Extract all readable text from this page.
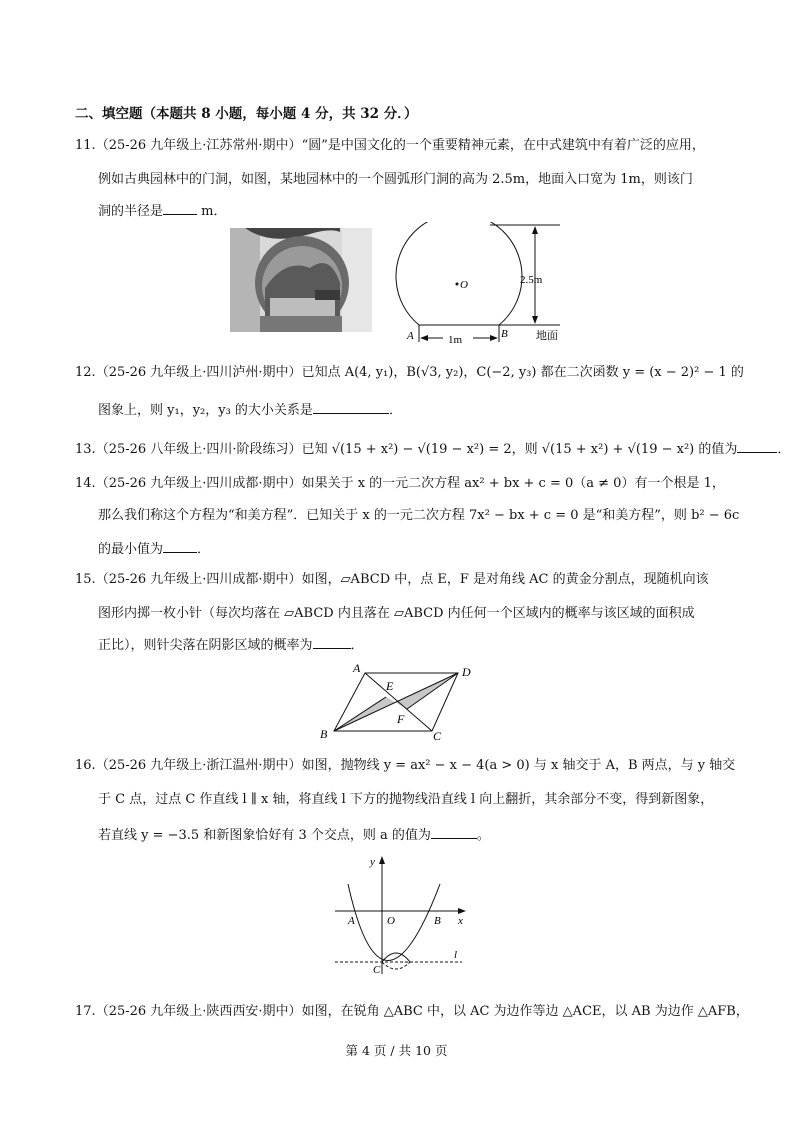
二、填空题（本题共 8 小题，每小题 4 分，共 32 分．）
11.（25-26 九年级上·江苏常州·期中）“圆”是中国文化的一个重要精神元素，在中式建筑中有着广泛的应用，
例如古典园林中的门洞，如图，某地园林中的一个圆弧形门洞的高为 2.5m，地面入口宽为 1m，则该门
洞的半径是	m．
O	2.5m
1m
A	B	地面
12.（25-26 九年级上·四川泸州·期中）已知点 A(4, y₁)，B(√3, y₂)，C(−2, y₃) 都在二次函数 y = (x − 2)² − 1 的
图象上，则 y₁，y₂，y₃ 的大小关系是	．
13.（25-26 八年级上·四川·阶段练习）已知 √(15 + x²) − √(19 − x²) = 2，则 √(15 + x²) + √(19 − x²) 的值为	．
14.（25-26 九年级上·四川成都·期中）如果关于 x 的一元二次方程 ax² + bx + c = 0（a ≠ 0）有一个根是 1，
那么我们称这个方程为“和美方程”．已知关于 x 的一元二次方程 7x² − bx + c = 0 是“和美方程”，则 b² − 6c
的最小值为	．
15.（25-26 九年级上·四川成都·期中）如图，▱ABCD 中，点 E，F 是对角线 AC 的黄金分割点，现随机向该
图形内掷一枚小针（每次均落在 ▱ABCD 内且落在 ▱ABCD 内任何一个区域内的概率与该区域的面积成
正比），则针尖落在阴影区域的概率为	．
A	D
B	C
E
F
16.（25-26 九年级上·浙江温州·期中）如图，抛物线 y = ax² − x − 4(a > 0) 与 x 轴交于 A，B 两点，与 y 轴交
于 C 点，过点 C 作直线 l ∥ x 轴，将直线 l 下方的抛物线沿直线 l 向上翻折，其余部分不变，得到新图象，
若直线 y = −3.5 和新图象恰好有 3 个交点，则 a 的值为	。
y
x
O
A	B
C
l
17.（25-26 九年级上·陕西西安·期中）如图，在锐角 △ABC 中，以 AC 为边作等边 △ACE，以 AB 为边作 △AFB，
第 4 页 / 共 10 页
